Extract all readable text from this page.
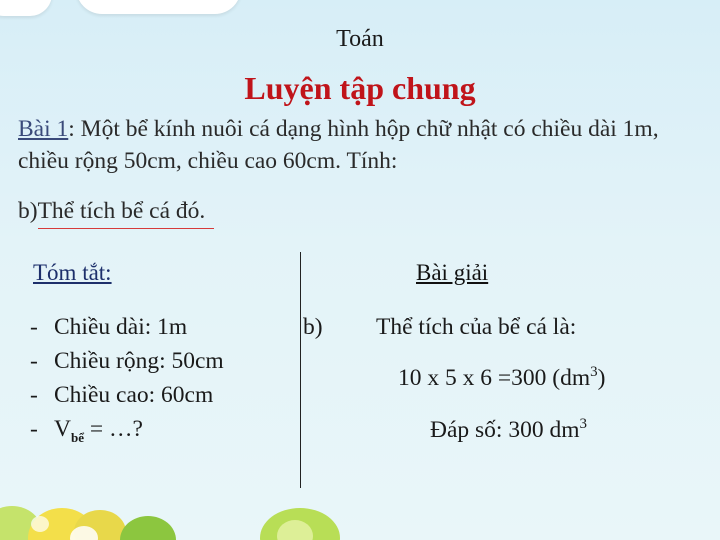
Toán
Luyện tập chung
Bài 1: Một bể kính nuôi cá dạng hình hộp chữ nhật có chiều dài 1m, chiều rộng 50cm, chiều cao 60cm. Tính:
b)Thể tích bể cá đó.
Tóm tắt:	Bài giải
- Chiều dài: 1m
- Chiều rộng: 50cm
- Chiều cao: 60cm
- $V_{bể}$ = …?
b) Thể tích của bể cá là:
10 x 5 x 6 =300 $(dm^3)$
Đáp số: 300 $dm^3$
